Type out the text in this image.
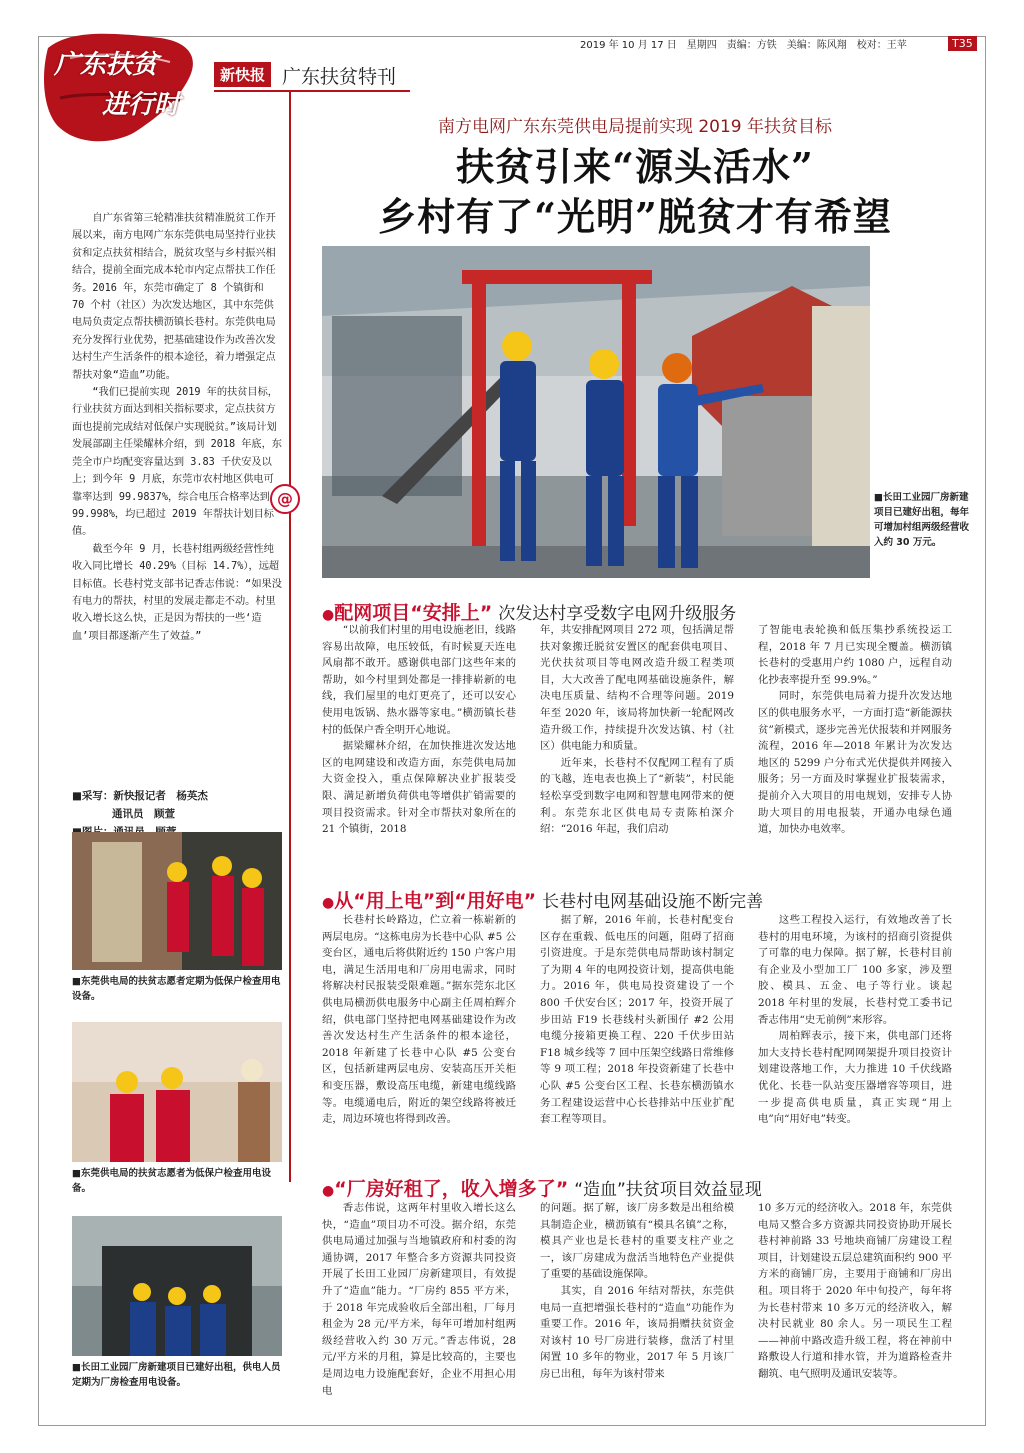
广东扶贫
进行时
新快报 广东扶贫特刊
2019 年 10 月 17 日　星期四　责编：方铁　美编：陈风翔　校对：王苹	T35
南方电网广东东莞供电局提前实现 2019 年扶贫目标
扶贫引来“源头活水”
乡村有了“光明”脱贫才有希望

自广东省第三轮精准扶贫精准脱贫工作开展以来，南方电网广东东莞供电局坚持行业扶贫和定点扶贫相结合，脱贫攻坚与乡村振兴相结合，提前全面完成本轮市内定点帮扶工作任务。2016 年，东莞市确定了 8 个镇街和 70 个村（社区）为次发达地区，其中东莞供电局负责定点帮扶横沥镇长巷村。东莞供电局充分发挥行业优势，把基础建设作为改善次发达村生产生活条件的根本途径，着力增强定点帮扶对象“造血”功能。

“我们已提前实现 2019 年的扶贫目标，行业扶贫方面达到相关指标要求，定点扶贫方面也提前完成结对低保户实现脱贫。”该局计划发展部副主任梁耀林介绍，到 2018 年底，东莞全市户均配变容量达到 3.83 千伏安及以上；到今年 9 月底，东莞市农村地区供电可靠率达到 99.9837%，综合电压合格率达到 99.998%，均已超过 2019 年帮扶计划目标值。

截至今年 9 月，长巷村组两级经营性纯收入同比增长 40.29%（目标 14.7%），远超目标值。长巷村党支部书记香志伟说：“如果没有电力的帮扶，村里的发展走都走不动。村里收入增长这么快，正是因为帮扶的一些‘造血’项目都逐渐产生了效益。”

■采写：新快报记者　杨英杰
通讯员　顾萱
@	■长田工业园厂房新建项目已建好出租，每年可增加村组两级经营收入约 30 万元。
■东莞供电局的扶贫志愿者定期为低保户检查用电设备。
■东莞供电局的扶贫志愿者为低保户检查用电设备。
■长田工业园厂房新建项目已建好出租，供电人员定期为厂房检查用电设备。
●配网项目“安排上” 次发达村享受数字电网升级服务

“以前我们村里的用电设施老旧，线路容易出故障，电压较低，有时候夏天连电风扇都不敢开。感谢供电部门这些年来的帮助，如今村里到处都是一排排崭新的电线，我们屋里的电灯更亮了，还可以安心使用电饭锅、热水器等家电。”横沥镇长巷村的低保户香全明开心地说。

据梁耀林介绍，在加快推进次发达地区的电网建设和改造方面，东莞供电局加大资金投入，重点保障解决业扩报装受限、满足新增负荷供电等增供扩销需要的项目投资需求。针对全市帮扶对象所在的 21 个镇街，2018

年，共安排配网项目 272 项，包括满足帮扶对象搬迁脱贫安置区的配套供电项目、光伏扶贫项目等电网改造升级工程类项目，大大改善了配电网基础设施条件，解决电压质量、结构不合理等问题。2019 年至 2020 年，该局将加快新一轮配网改造升级工作，持续提升次发达镇、村（社区）供电能力和质量。

近年来，长巷村不仅配网工程有了质的飞越，连电表也换上了“新装”，村民能轻松享受到数字电网和智慧电网带来的便利。东莞东北区供电局专责陈柏深介绍：“2016 年起，我们启动

了智能电表轮换和低压集抄系统投运工程，2018 年 7 月已实现全覆盖。横沥镇长巷村的受惠用户约 1080 户，远程自动化抄表率提升至 99.9%。”

同时，东莞供电局着力提升次发达地区的供电服务水平，一方面打造“新能源扶贫”新模式，逐步完善光伏报装和并网服务流程，2016 年—2018 年累计为次发达地区的 5299 户分布式光伏提供并网接入服务；另一方面及时掌握业扩报装需求，提前介入大项目的用电规划，安排专人协助大项目的用电报装，开通办电绿色通道，加快办电效率。

●从“用上电”到“用好电” 长巷村电网基础设施不断完善

长巷村长岭路边，伫立着一栋崭新的两层电房。“这栋电房为长巷中心队 #5 公变台区，通电后将供附近约 150 户客户用电，满足生活用电和厂房用电需求，同时将解决村民报装受限难题。”据东莞东北区供电局横沥供电服务中心副主任周柏辉介绍，供电部门坚持把电网基础建设作为改善次发达村生产生活条件的根本途径，2018 年新建了长巷中心队 #5 公变台区，包括新建两层电房、安装高压开关柜和变压器，敷设高压电缆，新建电缆线路等。电缆通电后，附近的架空线路将被迁走，周边环境也将得到改善。

据了解，2016 年前，长巷村配变台区存在重载、低电压的问题，阻碍了招商引资进度。于是东莞供电局帮助该村制定了为期 4 年的电网投资计划，提高供电能力。2016 年，供电局投资建设了一个 800 千伏安台区；2017 年，投资开展了步田站 F19 长巷线村头新围仔 #2 公用电缆分接箱更换工程、220 千伏步田站 F18 城乡线等 7 回中压架空线路日常维修等 9 项工程；2018 年投资新建了长巷中心队 #5 公变台区工程、长巷东横沥镇水务工程建设运营中心长巷排站中压业扩配套工程等项目。

这些工程投入运行，有效地改善了长巷村的用电环境，为该村的招商引资提供了可靠的电力保障。据了解，长巷村目前有企业及小型加工厂 100 多家，涉及塑胶、模具、五金、电子等行业。谈起 2018 年村里的发展，长巷村党工委书记香志伟用“史无前例”来形容。

周柏辉表示，接下来，供电部门还将加大支持长巷村配网网架提升项目投资计划建设落地工作，大力推进 10 千伏线路优化、长巷一队站变压器增容等项目，进一步提高供电质量，真正实现“用上电”向“用好电”转变。

●“厂房好租了，收入增多了” “造血”扶贫项目效益显现

香志伟说，这两年村里收入增长这么快，“造血”项目功不可没。据介绍，东莞供电局通过加强与当地镇政府和村委的沟通协调，2017 年整合多方资源共同投资开展了长田工业园厂房新建项目，有效提升了“造血”能力。“厂房约 855 平方米，于 2018 年完成验收后全部出租，厂每月租金为 28 元/平方米，每年可增加村组两级经营收入约 30 万元。”香志伟说，28 元/平方米的月租，算是比较高的，主要也是周边电力设施配套好，企业不用担心用电

的问题。据了解，该厂房多数是出租给模具制造企业，横沥镇有“模具名镇”之称，模具产业也是长巷村的重要支柱产业之一，该厂房建成为盘活当地特色产业提供了重要的基础设施保障。

其实，自 2016 年结对帮扶，东莞供电局一直把增强长巷村的“造血”功能作为重要工作。2016 年，该局捐赠扶贫资金对该村 10 号厂房进行装修，盘活了村里闲置 10 多年的物业，2017 年 5 月该厂房已出租，每年为该村带来

10 多万元的经济收入。2018 年，东莞供电局又整合多方资源共同投资协助开展长巷村神前路 33 号地块商铺厂房建设工程项目，计划建设五层总建筑面积约 900 平方米的商铺厂房，主要用于商铺和厂房出租。项目将于 2020 年中旬投产，每年将为长巷村带来 10 多万元的经济收入，解决村民就业 80 余人。另一项民生工程——神前中路改造升级工程，将在神前中路敷设人行道和排水管，并为道路检查井翻筑、电气照明及通讯安装等。
